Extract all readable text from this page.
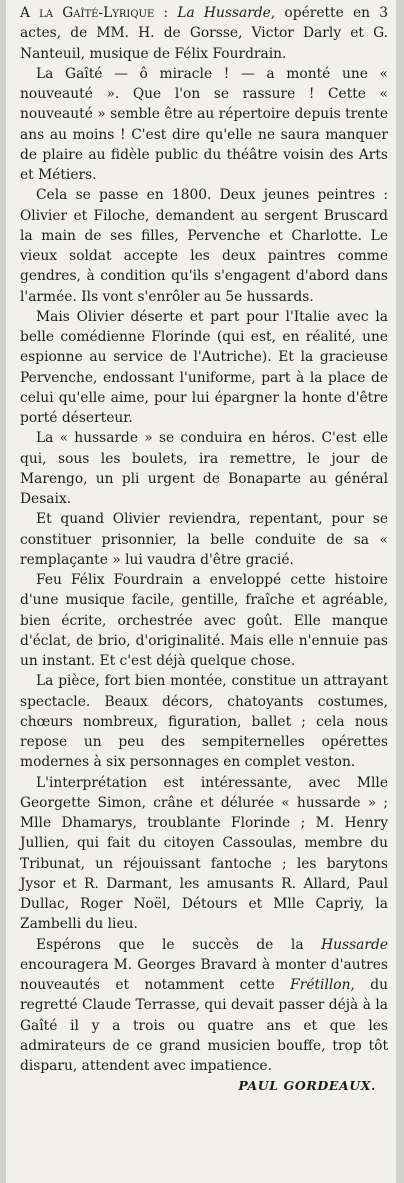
A la Gaîté-Lyrique : La Hussarde, opérette en 3 actes, de MM. H. de Gorsse, Victor Darly et G. Nanteuil, musique de Félix Fourdrain.

La Gaîté — ô miracle ! — a monté une « nouveauté ». Que l'on se rassure ! Cette « nouveauté » semble être au répertoire depuis trente ans au moins ! C'est dire qu'elle ne saura manquer de plaire au fidèle public du théâtre voisin des Arts et Métiers.

Cela se passe en 1800. Deux jeunes peintres : Olivier et Filoche, demandent au sergent Bruscard la main de ses filles, Pervenche et Charlotte. Le vieux soldat accepte les deux paintres comme gendres, à condition qu'ils s'engagent d'abord dans l'armée. Ils vont s'enrôler au 5e hussards.

Mais Olivier déserte et part pour l'Italie avec la belle comédienne Florinde (qui est, en réalité, une espionne au service de l'Autriche). Et la gracieuse Pervenche, endossant l'uniforme, part à la place de celui qu'elle aime, pour lui épargner la honte d'être porté déserteur.

La « hussarde » se conduira en héros. C'est elle qui, sous les boulets, ira remettre, le jour de Marengo, un pli urgent de Bonaparte au général Desaix.

Et quand Olivier reviendra, repentant, pour se constituer prisonnier, la belle conduite de sa « remplaçante » lui vaudra d'être gracié.

Feu Félix Fourdrain a enveloppé cette histoire d'une musique facile, gentille, fraîche et agréable, bien écrite, orchestrée avec goût. Elle manque d'éclat, de brio, d'originalité. Mais elle n'ennuie pas un instant. Et c'est déjà quelque chose.

La pièce, fort bien montée, constitue un attrayant spectacle. Beaux décors, chatoyants costumes, chœurs nombreux, figuration, ballet ; cela nous repose un peu des sempiternelles opérettes modernes à six personnages en complet veston.

L'interprétation est intéressante, avec Mlle Georgette Simon, crâne et délurée « hussarde » ; Mlle Dhamarys, troublante Florinde ; M. Henry Jullien, qui fait du citoyen Cassoulas, membre du Tribunat, un réjouissant fantoche ; les barytons Jysor et R. Darmant, les amusants R. Allard, Paul Dullac, Roger Noël, Détours et Mlle Capriy, la Zambelli du lieu.

Espérons que le succès de la Hussarde encouragera M. Georges Bravard à monter d'autres nouveautés et notamment cette Frétillon, du regretté Claude Terrasse, qui devait passer déjà à la Gaîté il y a trois ou quatre ans et que les admirateurs de ce grand musicien bouffe, trop tôt disparu, attendent avec impatience.

PAUL GORDEAUX.
